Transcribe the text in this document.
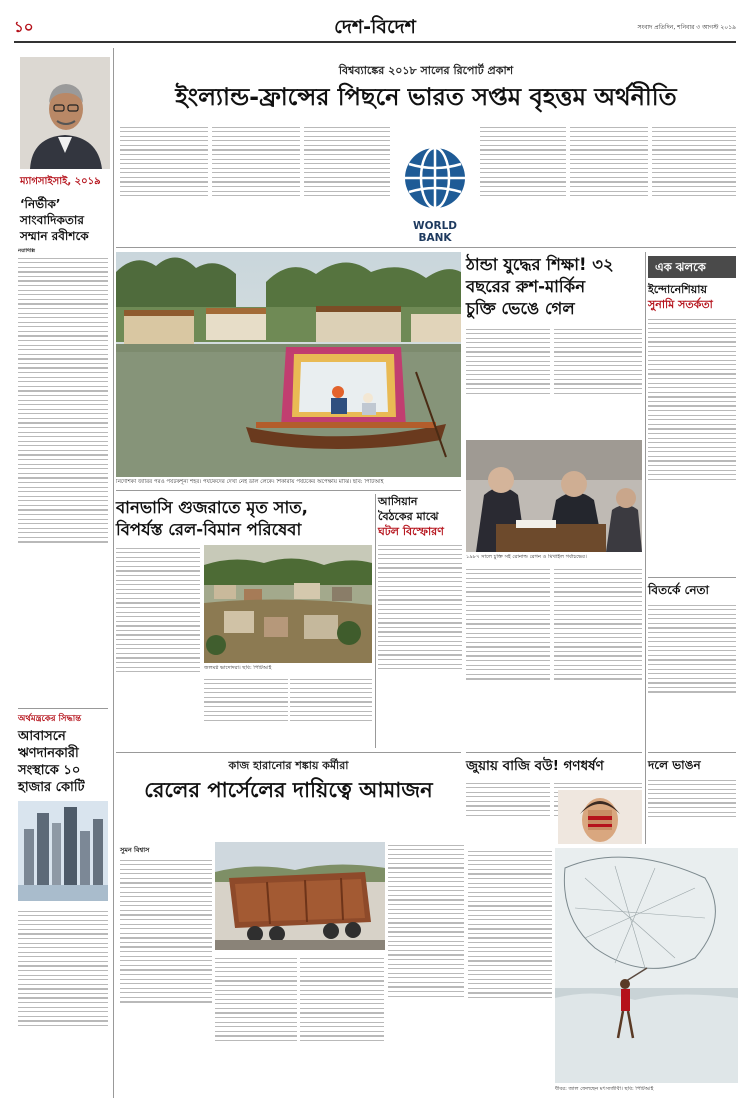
১০	দেশ-বিদেশ	সংবাদ প্রতিদিন, শনিবার ৩ আগস্ট ২০১৯
ম্যাগসাইসাই, ২০১৯
‘নির্ভীক’
সাংবাদিকতার
সম্মান রবীশকে
নয়াদিল্লি
অর্থমন্ত্রকের সিদ্ধান্ত
আবাসনে
ঋণদানকারী
সংস্থাকে ১০
হাজার কোটি
বিশ্বব্যাঙ্কের ২০১৮ সালের রিপোর্ট প্রকাশ
ইংল্যান্ড-ফ্রান্সের পিছনে ভারত সপ্তম বৃহত্তম অর্থনীতি
WORLD BANK
নির্দেশিকা জারির পরও পর্যটকশূন্য শহর। পর্যটকদের দেখা নেই ডাল লেকে। শিকারায় পর্যটকের অপেক্ষায় মাঝি। ছবি: পিটিআই
ঠান্ডা যুদ্ধের শিক্ষা! ৩২
বছরের রুশ-মার্কিন
চুক্তি ভেঙে গেল
১৯৮৭ সালে চুক্তি সই রোনাল্ড রেগন ও মিখাইল গর্বাচভের।
এক ঝলকে
ইন্দোনেশিয়ায়
সুনামি সতর্কতা
বিতর্কে নেতা
দলে ভাঙন
বানভাসি গুজরাতে মৃত সাত,
বিপর্যস্ত রেল-বিমান পরিষেবা
আসিয়ান
বৈঠকের মাঝে
ঘটল বিস্ফোরণ
জলমগ্ন ভাদোদরা। ছবি: পিটিআই
জুয়ায় বাজি বউ! গণধর্ষণ
কাজ হারানোর শঙ্কায় কর্মীরা
রেলের পার্সেলের দায়িত্বে আমাজন
সুমন বিশ্বাস
ধীবর: জাল ফেলছেন মৎস্যজীবী। ছবি: পিটিআই
